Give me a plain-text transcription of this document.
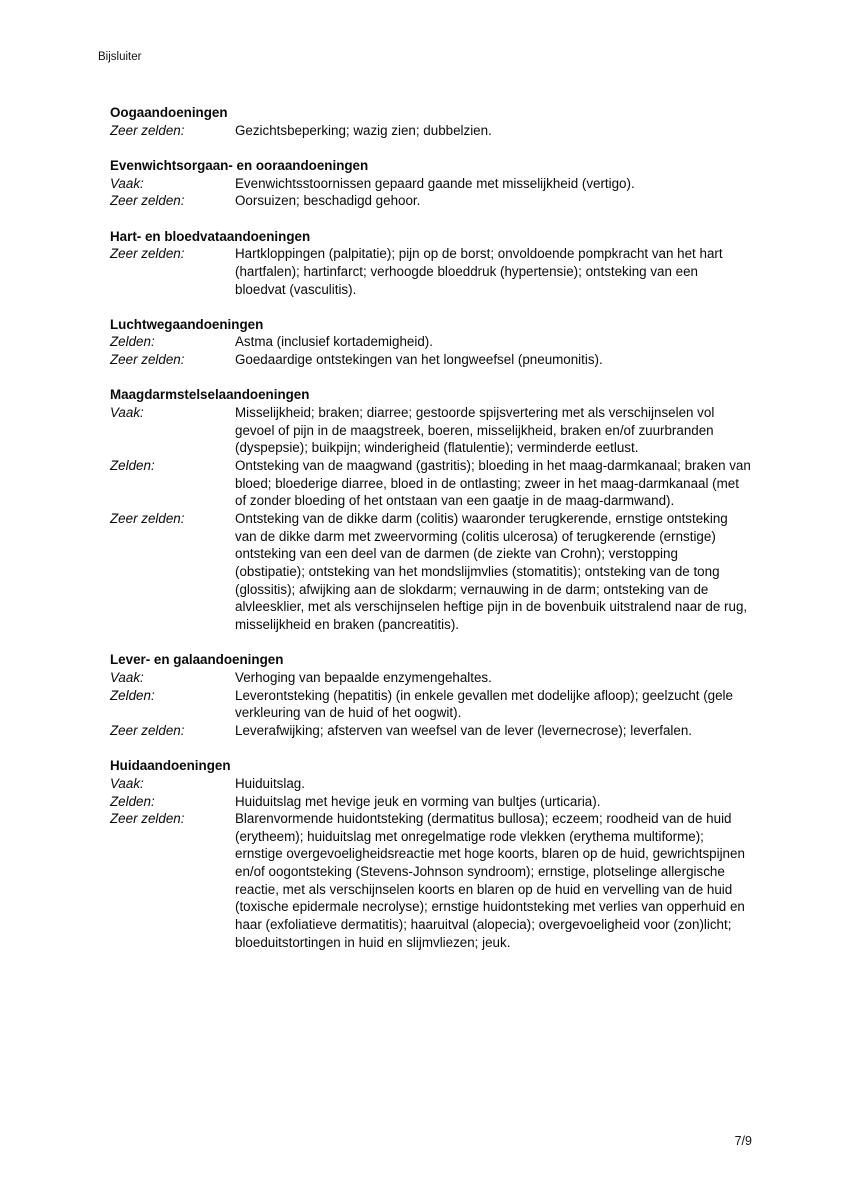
Bijsluiter
Oogaandoeningen
Zeer zelden:	Gezichtsbeperking; wazig zien; dubbelzien.
Evenwichtsorgaan- en ooraandoeningen
Vaak:	Evenwichtsstoornissen gepaard gaande met misselijkheid (vertigo).
Zeer zelden:	Oorsuizen; beschadigd gehoor.
Hart- en bloedvataandoeningen
Zeer zelden:	Hartkloppingen (palpitatie); pijn op de borst; onvoldoende pompkracht van het hart (hartfalen); hartinfarct; verhoogde bloeddruk (hypertensie); ontsteking van een bloedvat (vasculitis).
Luchtwegaandoeningen
Zelden:	Astma (inclusief kortademigheid).
Zeer zelden:	Goedaardige ontstekingen van het longweefsel (pneumonitis).
Maagdarmstelselaandoeningen
Vaak:	Misselijkheid; braken; diarree; gestoorde spijsvertering met als verschijnselen vol gevoel of pijn in de maagstreek, boeren, misselijkheid, braken en/of zuurbranden (dyspepsie); buikpijn; winderigheid (flatulentie); verminderde eetlust.
Zelden:	Ontsteking van de maagwand (gastritis); bloeding in het maag-darmkanaal; braken van bloed; bloederige diarree, bloed in de ontlasting; zweer in het maag-darmkanaal (met of zonder bloeding of het ontstaan van een gaatje in de maag-darmwand).
Zeer zelden:	Ontsteking van de dikke darm (colitis) waaronder terugkerende, ernstige ontsteking van de dikke darm met zweervorming (colitis ulcerosa) of terugkerende (ernstige) ontsteking van een deel van de darmen (de ziekte van Crohn); verstopping (obstipatie); ontsteking van het mondslijmvlies (stomatitis); ontsteking van de tong (glossitis); afwijking aan de slokdarm; vernauwing in de darm; ontsteking van de alvleesklier, met als verschijnselen heftige pijn in de bovenbuik uitstralend naar de rug, misselijkheid en braken (pancreatitis).
Lever- en galaandoeningen
Vaak:	Verhoging van bepaalde enzymengehaltes.
Zelden:	Leverontsteking (hepatitis) (in enkele gevallen met dodelijke afloop); geelzucht (gele verkleuring van de huid of het oogwit).
Zeer zelden:	Leverafwijking; afsterven van weefsel van de lever (levernecrose); leverfalen.
Huidaandoeningen
Vaak:	Huiduitslag.
Zelden:	Huiduitslag met hevige jeuk en vorming van bultjes (urticaria).
Zeer zelden:	Blarenvormende huidontsteking (dermatitus bullosa); eczeem; roodheid van de huid (erytheem); huiduitslag met onregelmatige rode vlekken (erythema multiforme); ernstige overgevoeligheidsreactie met hoge koorts, blaren op de huid, gewrichtspijnen en/of oogontsteking (Stevens-Johnson syndroom); ernstige, plotselinge allergische reactie, met als verschijnselen koorts en blaren op de huid en vervelling van de huid (toxische epidermale necrolyse); ernstige huidontsteking met verlies van opperhuid en haar (exfoliatieve dermatitis); haaruitval (alopecia); overgevoeligheid voor (zon)licht; bloeduitstortingen in huid en slijmvliezen; jeuk.
7/9
